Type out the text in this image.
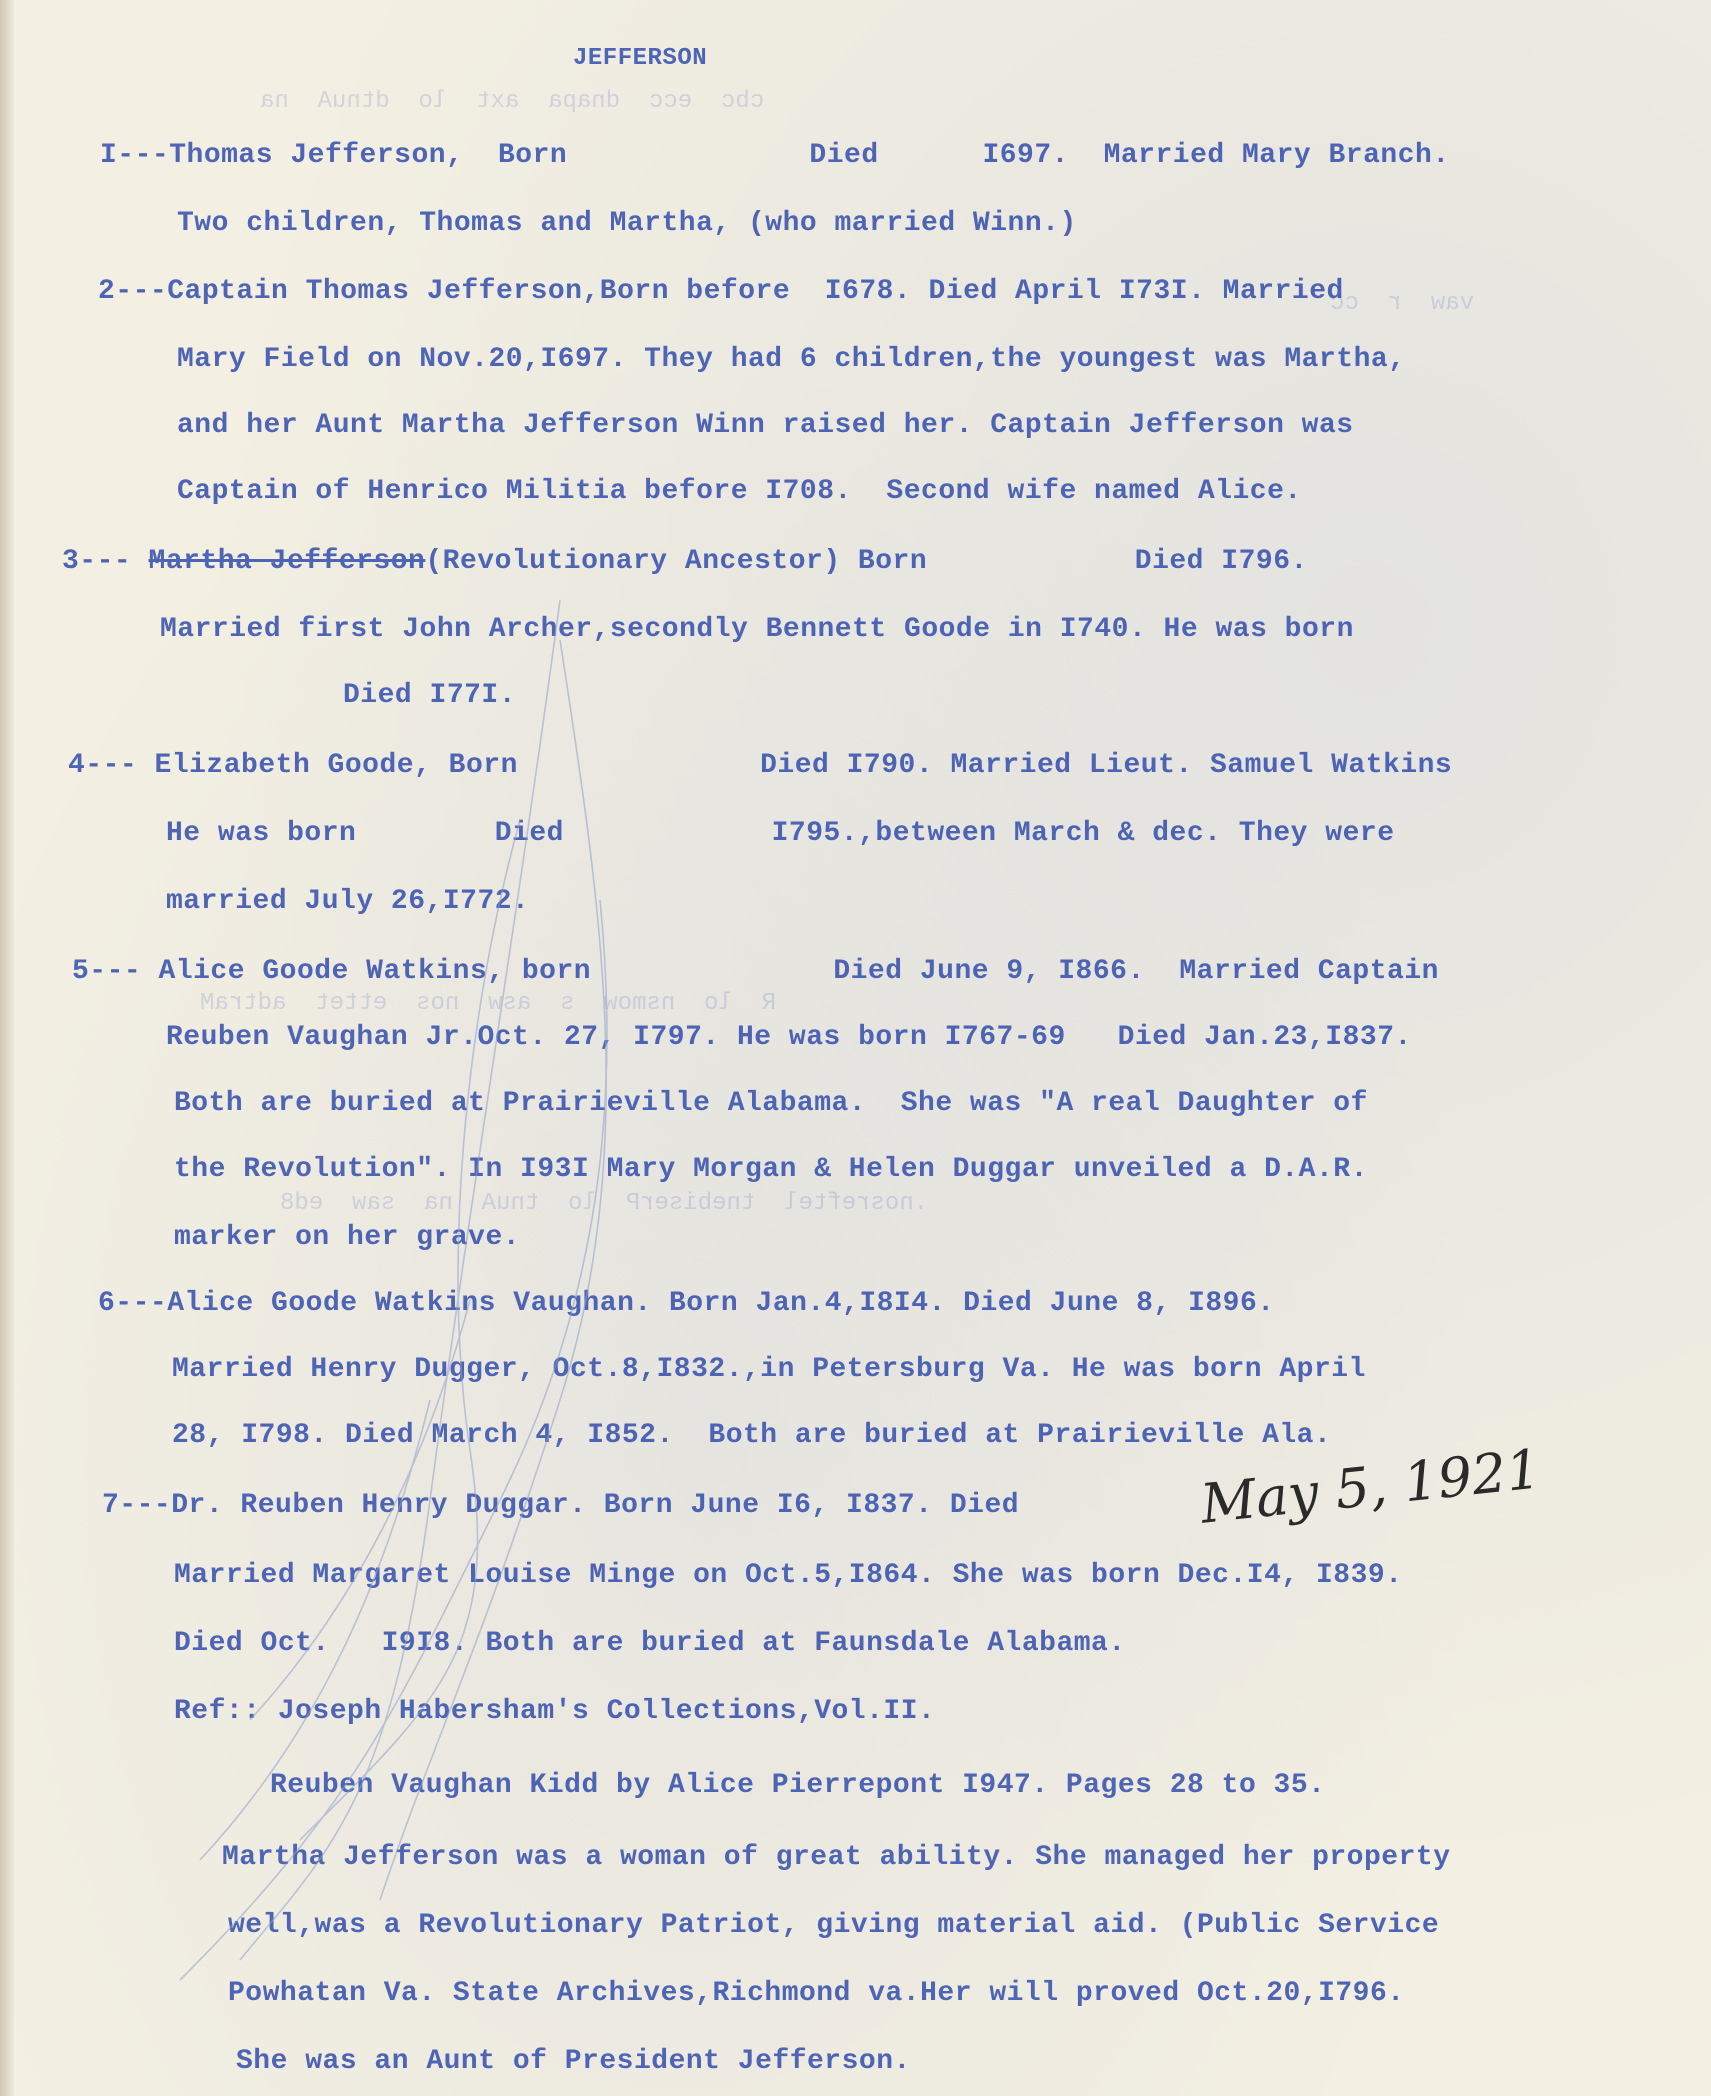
cbc  ecc  dnapa  axt  lo  dtnuA  na
vaw  r  cc
R  lo  nsmow  s  asw  nos  ettet  adtraM
.nosreftel  tnebiserP  lo  tnuA  na  saw  ed8
JEFFERSON
I---Thomas Jefferson,  Born              Died      I697.  Married Mary Branch.
Two children, Thomas and Martha, (who married Winn.)
2---Captain Thomas Jefferson,Born before  I678. Died April I73I. Married
Mary Field on Nov.20,I697. They had 6 children,the youngest was Martha,
and her Aunt Martha Jefferson Winn raised her. Captain Jefferson was
Captain of Henrico Militia before I708.  Second wife named Alice.
3--- Martha Jefferson(Revolutionary Ancestor) Born            Died I796.
Married first John Archer,secondly Bennett Goode in I740. He was born
Died I77I.
4--- Elizabeth Goode, Born              Died I790. Married Lieut. Samuel Watkins
He was born        Died            I795.,between March & dec. They were
married July 26,I772.
5--- Alice Goode Watkins, born              Died June 9, I866.  Married Captain
Reuben Vaughan Jr.Oct. 27, I797. He was born I767-69   Died Jan.23,I837.
Both are buried at Prairieville Alabama.  She was "A real Daughter of
the Revolution". In I93I Mary Morgan & Helen Duggar unveiled a D.A.R.
marker on her grave.
6---Alice Goode Watkins Vaughan. Born Jan.4,I8I4. Died June 8, I896.
Married Henry Dugger, Oct.8,I832.,in Petersburg Va. He was born April
28, I798. Died March 4, I852.  Both are buried at Prairieville Ala.
7---Dr. Reuben Henry Duggar. Born June I6, I837. Died
Married Margaret Louise Minge on Oct.5,I864. She was born Dec.I4, I839.
Died Oct.   I9I8. Both are buried at Faunsdale Alabama.
Ref:: Joseph Habersham's Collections,Vol.II.
Reuben Vaughan Kidd by Alice Pierrepont I947. Pages 28 to 35.
Martha Jefferson was a woman of great ability. She managed her property
well,was a Revolutionary Patriot, giving material aid. (Public Service
Powhatan Va. State Archives,Richmond va.Her will proved Oct.20,I796.
She was an Aunt of President Jefferson.
May 5, 1921
